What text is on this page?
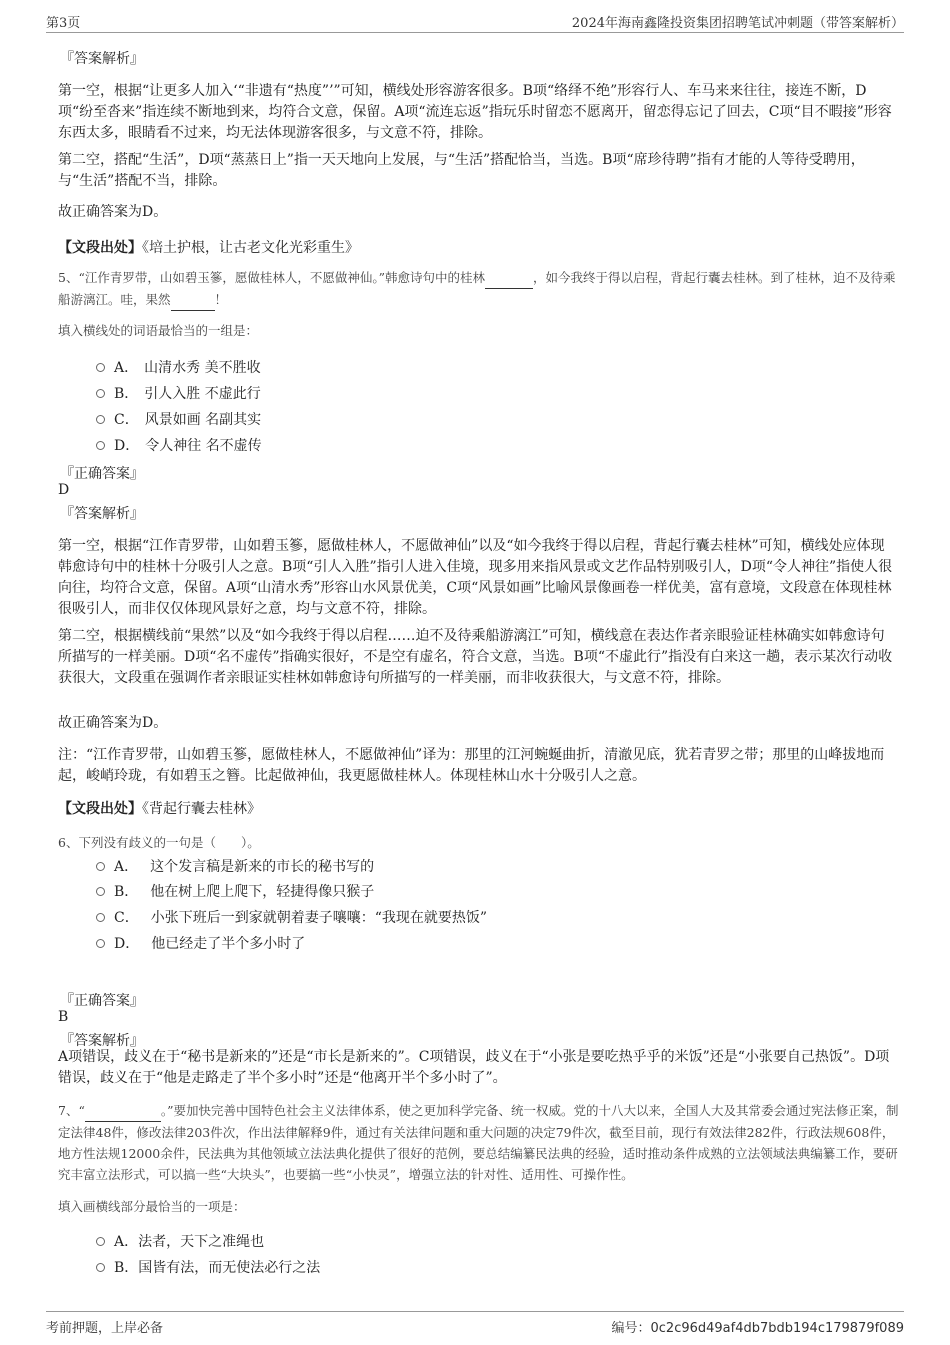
第3页	2024年海南鑫隆投资集团招聘笔试冲刺题（带答案解析）
『答案解析』
第一空，根据“让更多人加入‘“非遗有“热度”’”可知，横线处形容游客很多。B项“络绎不绝”形容行人、车马来来往往，接连不断，D项“纷至沓来”指连续不断地到来，均符合文意，保留。A项“流连忘返”指玩乐时留恋不愿离开，留恋得忘记了回去，C项“目不暇接”形容东西太多，眼睛看不过来，均无法体现游客很多，与文意不符，排除。
第二空，搭配“生活”，D项“蒸蒸日上”指一天天地向上发展，与“生活”搭配恰当，当选。B项“席珍待聘”指有才能的人等待受聘用，与“生活”搭配不当，排除。
故正确答案为D。
【文段出处】《培土护根，让古老文化光彩重生》
5、“江作青罗带，山如碧玉篸，愿做桂林人，不愿做神仙。”韩愈诗句中的桂林	，如今我终于得以启程，背起行囊去桂林。到了桂林，迫不及待乘船游漓江。哇，果然	！
填入横线处的词语最恰当的一组是：
A． 山清水秀 美不胜收
B． 引人入胜 不虚此行
C． 风景如画 名副其实
D． 令人神往 名不虚传
『正确答案』
D
『答案解析』
第一空，根据“江作青罗带，山如碧玉篸，愿做桂林人，不愿做神仙”以及“如今我终于得以启程，背起行囊去桂林”可知，横线处应体现韩愈诗句中的桂林十分吸引人之意。B项“引人入胜”指引人进入佳境，现多用来指风景或文艺作品特别吸引人，D项“令人神往”指使人很向往，均符合文意，保留。A项“山清水秀”形容山水风景优美，C项“风景如画”比喻风景像画卷一样优美，富有意境，文段意在体现桂林很吸引人，而非仅仅体现风景好之意，均与文意不符，排除。
第二空，根据横线前“果然”以及“如今我终于得以启程……迫不及待乘船游漓江”可知，横线意在表达作者亲眼验证桂林确实如韩愈诗句所描写的一样美丽。D项“名不虚传”指确实很好，不是空有虚名，符合文意，当选。B项“不虚此行”指没有白来这一趟，表示某次行动收获很大，文段重在强调作者亲眼证实桂林如韩愈诗句所描写的一样美丽，而非收获很大，与文意不符，排除。
故正确答案为D。
注：“江作青罗带，山如碧玉篸，愿做桂林人，不愿做神仙”译为：那里的江河蜿蜒曲折，清澈见底，犹若青罗之带；那里的山峰拔地而起，峻峭玲珑，有如碧玉之簪。比起做神仙，我更愿做桂林人。体现桂林山水十分吸引人之意。
【文段出处】《背起行囊去桂林》
6、下列没有歧义的一句是（　　）。
A． 这个发言稿是新来的市长的秘书写的
B． 他在树上爬上爬下，轻捷得像只猴子
C． 小张下班后一到家就朝着妻子嚷嚷：“我现在就要热饭”
D． 他已经走了半个多小时了
『正确答案』
B
『答案解析』
A项错误，歧义在于“秘书是新来的”还是“市长是新来的”。C项错误，歧义在于“小张是要吃热乎乎的米饭”还是“小张要自己热饭”。D项错误，歧义在于“他是走路走了半个多小时”还是“他离开半个多小时了”。
7、“	。”要加快完善中国特色社会主义法律体系，使之更加科学完备、统一权威。党的十八大以来，全国人大及其常委会通过宪法修正案，制定法律48件，修改法律203件次，作出法律解释9件，通过有关法律问题和重大问题的决定79件次，截至目前，现行有效法律282件，行政法规608件，地方性法规12000余件，民法典为其他领域立法法典化提供了很好的范例，要总结编纂民法典的经验，适时推动条件成熟的立法领域法典编纂工作，要研究丰富立法形式，可以搞一些“大块头”，也要搞一些“小快灵”，增强立法的针对性、适用性、可操作性。
填入画横线部分最恰当的一项是：
A． 法者，天下之准绳也
B． 国皆有法，而无使法必行之法
考前押题，上岸必备	编号：0c2c96d49af4db7bdb194c179879f089
